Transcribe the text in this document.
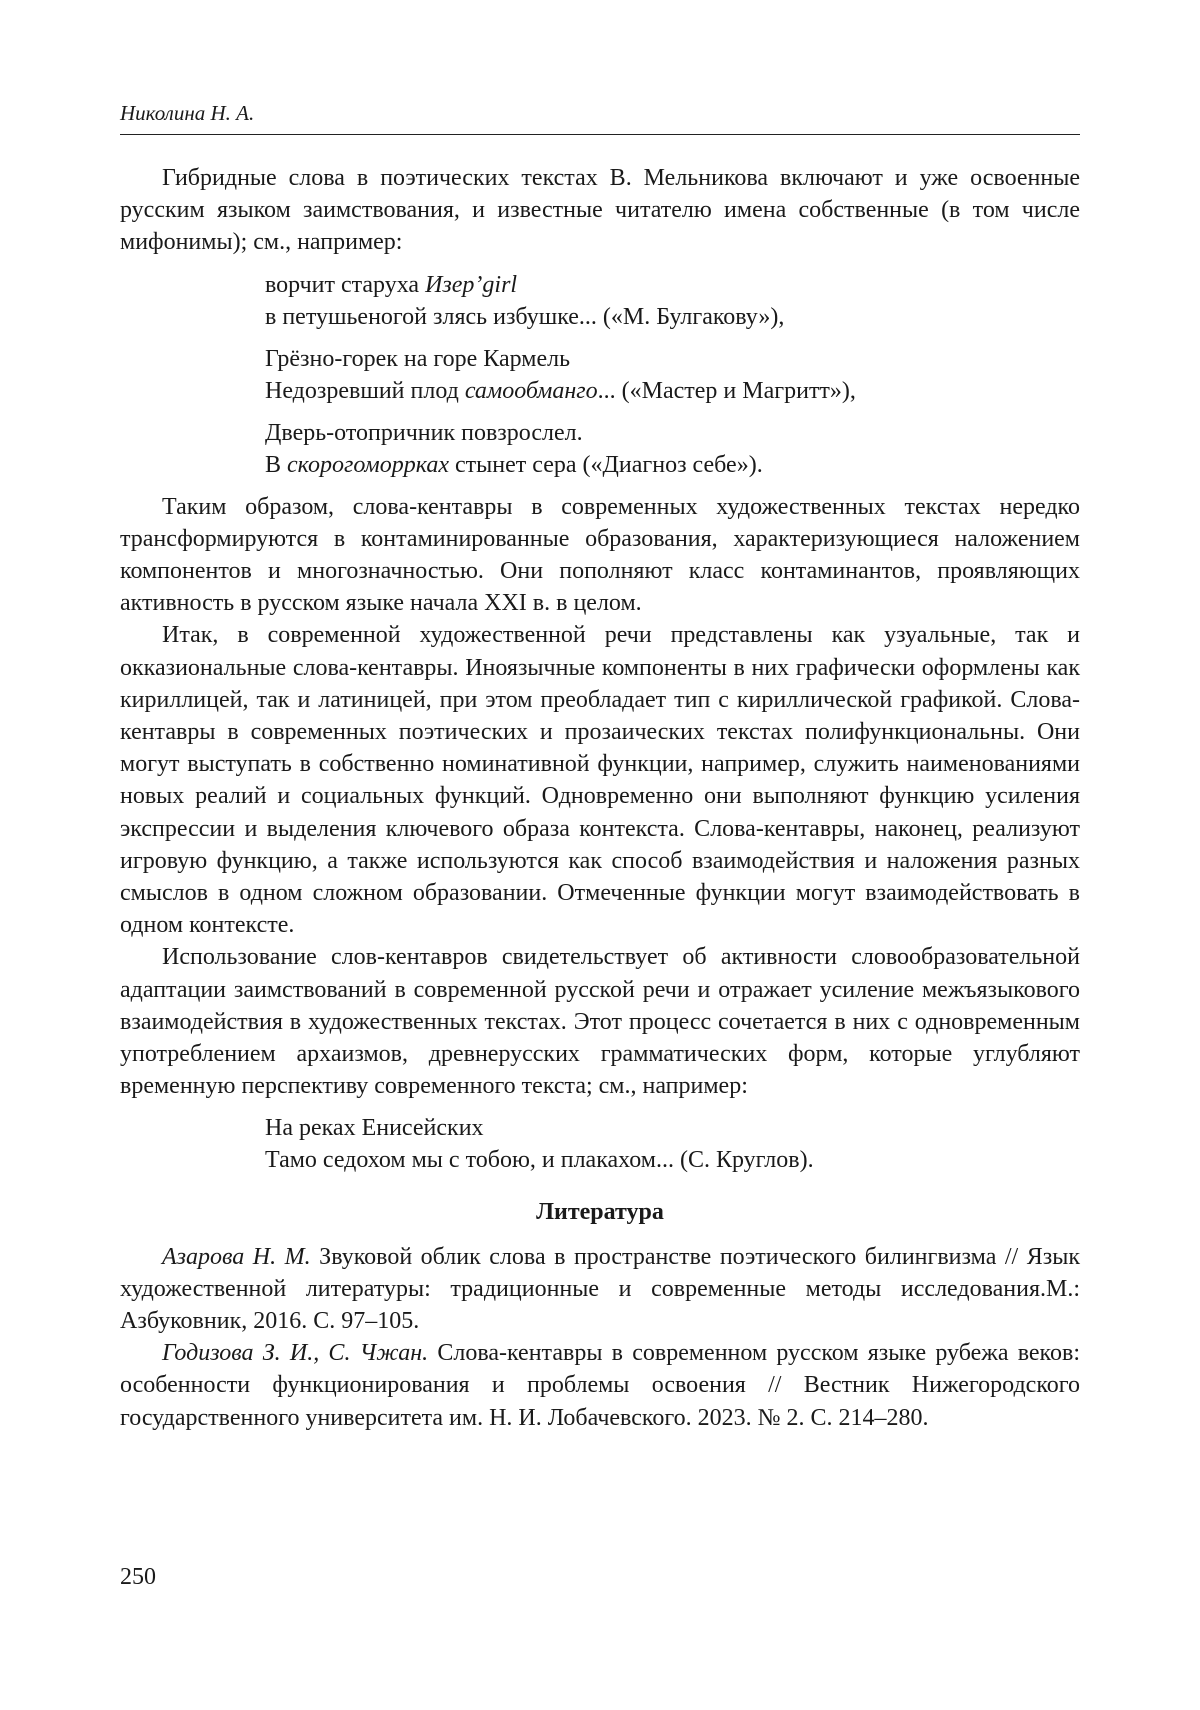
Николина Н. А.

Гибридные слова в поэтических текстах В. Мельникова включают и уже освоенные русским языком заимствования, и известные читателю имена собственные (в том числе мифонимы); см., например:

ворчит старуха Изер’girl
в петушьеногой злясь избушке... («М. Булгакову»),
Грёзно-горек на горе Кармель
Недозревший плод самообманго... («Мастер и Магритт»),
Дверь-отопричник повзрослел.
В скорогоморрках стынет сера («Диагноз себе»).

Таким образом, слова-кентавры в современных художественных текстах нередко трансформируются в контаминированные образования, характеризующиеся наложением компонентов и многозначностью. Они пополняют класс контаминантов, проявляющих активность в русском языке начала XXI в. в целом.

Итак, в современной художественной речи представлены как узуальные, так и окказиональные слова-кентавры. Иноязычные компоненты в них графически оформлены как кириллицей, так и латиницей, при этом преобладает тип с кириллической графикой. Слова-кентавры в современных поэтических и прозаических текстах полифункциональны. Они могут выступать в собственно номинативной функции, например, служить наименованиями новых реалий и социальных функций. Одновременно они выполняют функцию усиления экспрессии и выделения ключевого образа контекста. Слова-кентавры, наконец, реализуют игровую функцию, а также используются как способ взаимодействия и наложения разных смыслов в одном сложном образовании. Отмеченные функции могут взаимодействовать в одном контексте.

Использование слов-кентавров свидетельствует об активности словообразовательной адаптации заимствований в современной русской речи и отражает усиление межъязыкового взаимодействия в художественных текстах. Этот процесс сочетается в них с одновременным употреблением архаизмов, древнерусских грамматических форм, которые углубляют временную перспективу современного текста; см., например:

На реках Енисейских
Тамо седохом мы с тобою, и плакахом... (С. Круглов).
Литература

Азарова Н. М. Звуковой облик слова в пространстве поэтического билингвизма // Язык художественной литературы: традиционные и современные методы исследования.М.: Азбуковник, 2016. С. 97–105.

Годизова З. И., С. Чжан. Слова-кентавры в современном русском языке рубежа веков: особенности функционирования и проблемы освоения // Вестник Нижегородского государственного университета им. Н. И. Лобачевского. 2023. № 2. С. 214–280.

250
